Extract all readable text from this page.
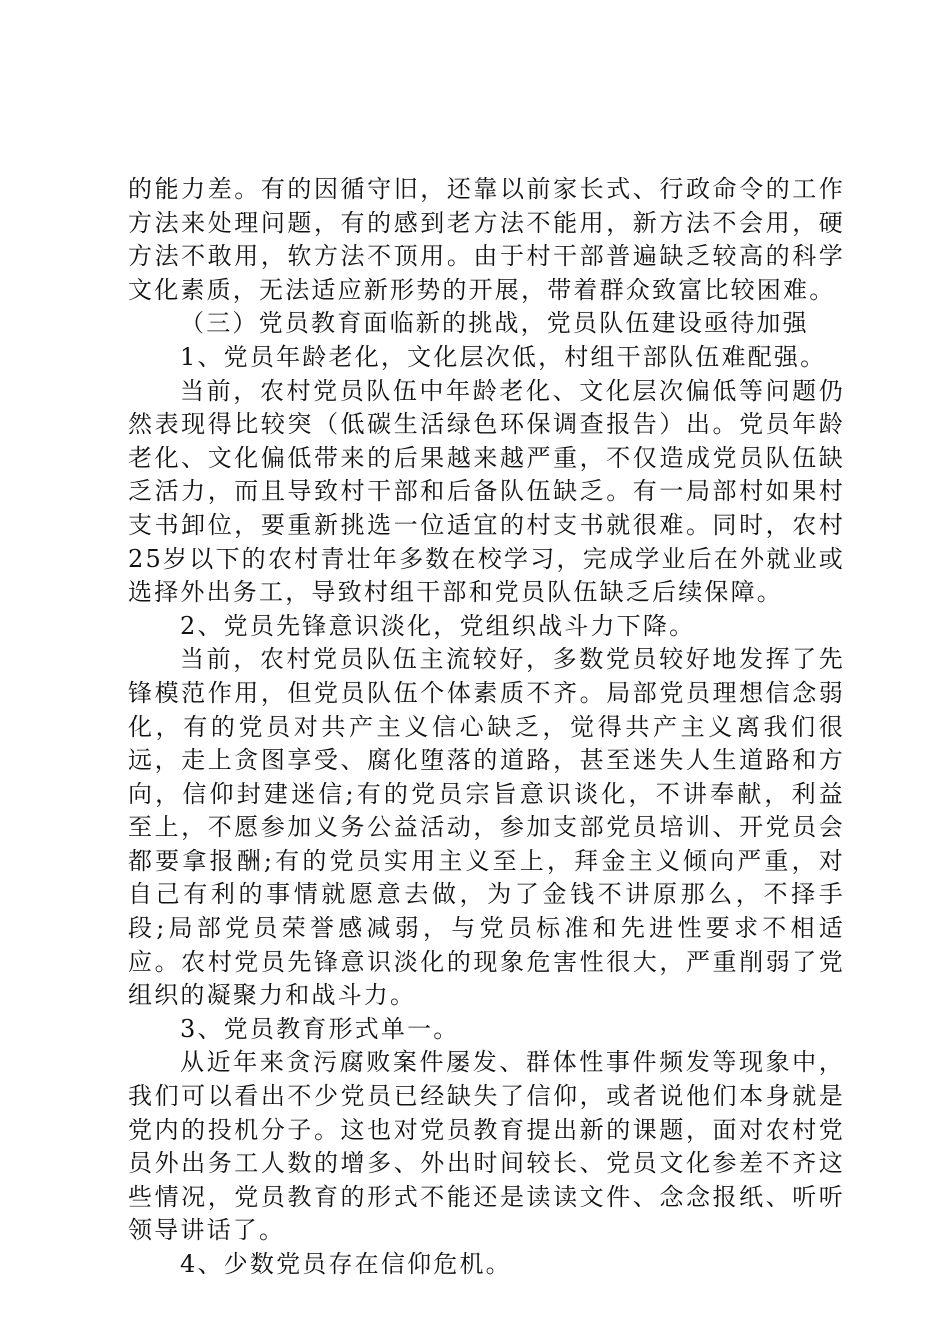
的能力差。有的因循守旧，还靠以前家长式、行政命令的工作方法来处理问题，有的感到老方法不能用，新方法不会用，硬方法不敢用，软方法不顶用。由于村干部普遍缺乏较高的科学文化素质，无法适应新形势的开展，带着群众致富比较困难。

（三）党员教育面临新的挑战，党员队伍建设亟待加强

1、党员年龄老化，文化层次低，村组干部队伍难配强。

当前，农村党员队伍中年龄老化、文化层次偏低等问题仍然表现得比较突（低碳生活绿色环保调查报告）出。党员年龄老化、文化偏低带来的后果越来越严重，不仅造成党员队伍缺乏活力，而且导致村干部和后备队伍缺乏。有一局部村如果村支书卸位，要重新挑选一位适宜的村支书就很难。同时，农村25岁以下的农村青壮年多数在校学习，完成学业后在外就业或选择外出务工，导致村组干部和党员队伍缺乏后续保障。

2、党员先锋意识淡化，党组织战斗力下降。

当前，农村党员队伍主流较好，多数党员较好地发挥了先锋模范作用，但党员队伍个体素质不齐。局部党员理想信念弱化，有的党员对共产主义信心缺乏，觉得共产主义离我们很远，走上贪图享受、腐化堕落的道路，甚至迷失人生道路和方向，信仰封建迷信;有的党员宗旨意识谈化，不讲奉献，利益至上，不愿参加义务公益活动，参加支部党员培训、开党员会都要拿报酬;有的党员实用主义至上，拜金主义倾向严重，对自己有利的事情就愿意去做，为了金钱不讲原那么，不择手段;局部党员荣誉感减弱，与党员标准和先进性要求不相适应。农村党员先锋意识淡化的现象危害性很大，严重削弱了党组织的凝聚力和战斗力。

3、党员教育形式单一。

从近年来贪污腐败案件屡发、群体性事件频发等现象中，我们可以看出不少党员已经缺失了信仰，或者说他们本身就是党内的投机分子。这也对党员教育提出新的课题，面对农村党员外出务工人数的增多、外出时间较长、党员文化参差不齐这些情况，党员教育的形式不能还是读读文件、念念报纸、听听领导讲话了。

4、少数党员存在信仰危机。
